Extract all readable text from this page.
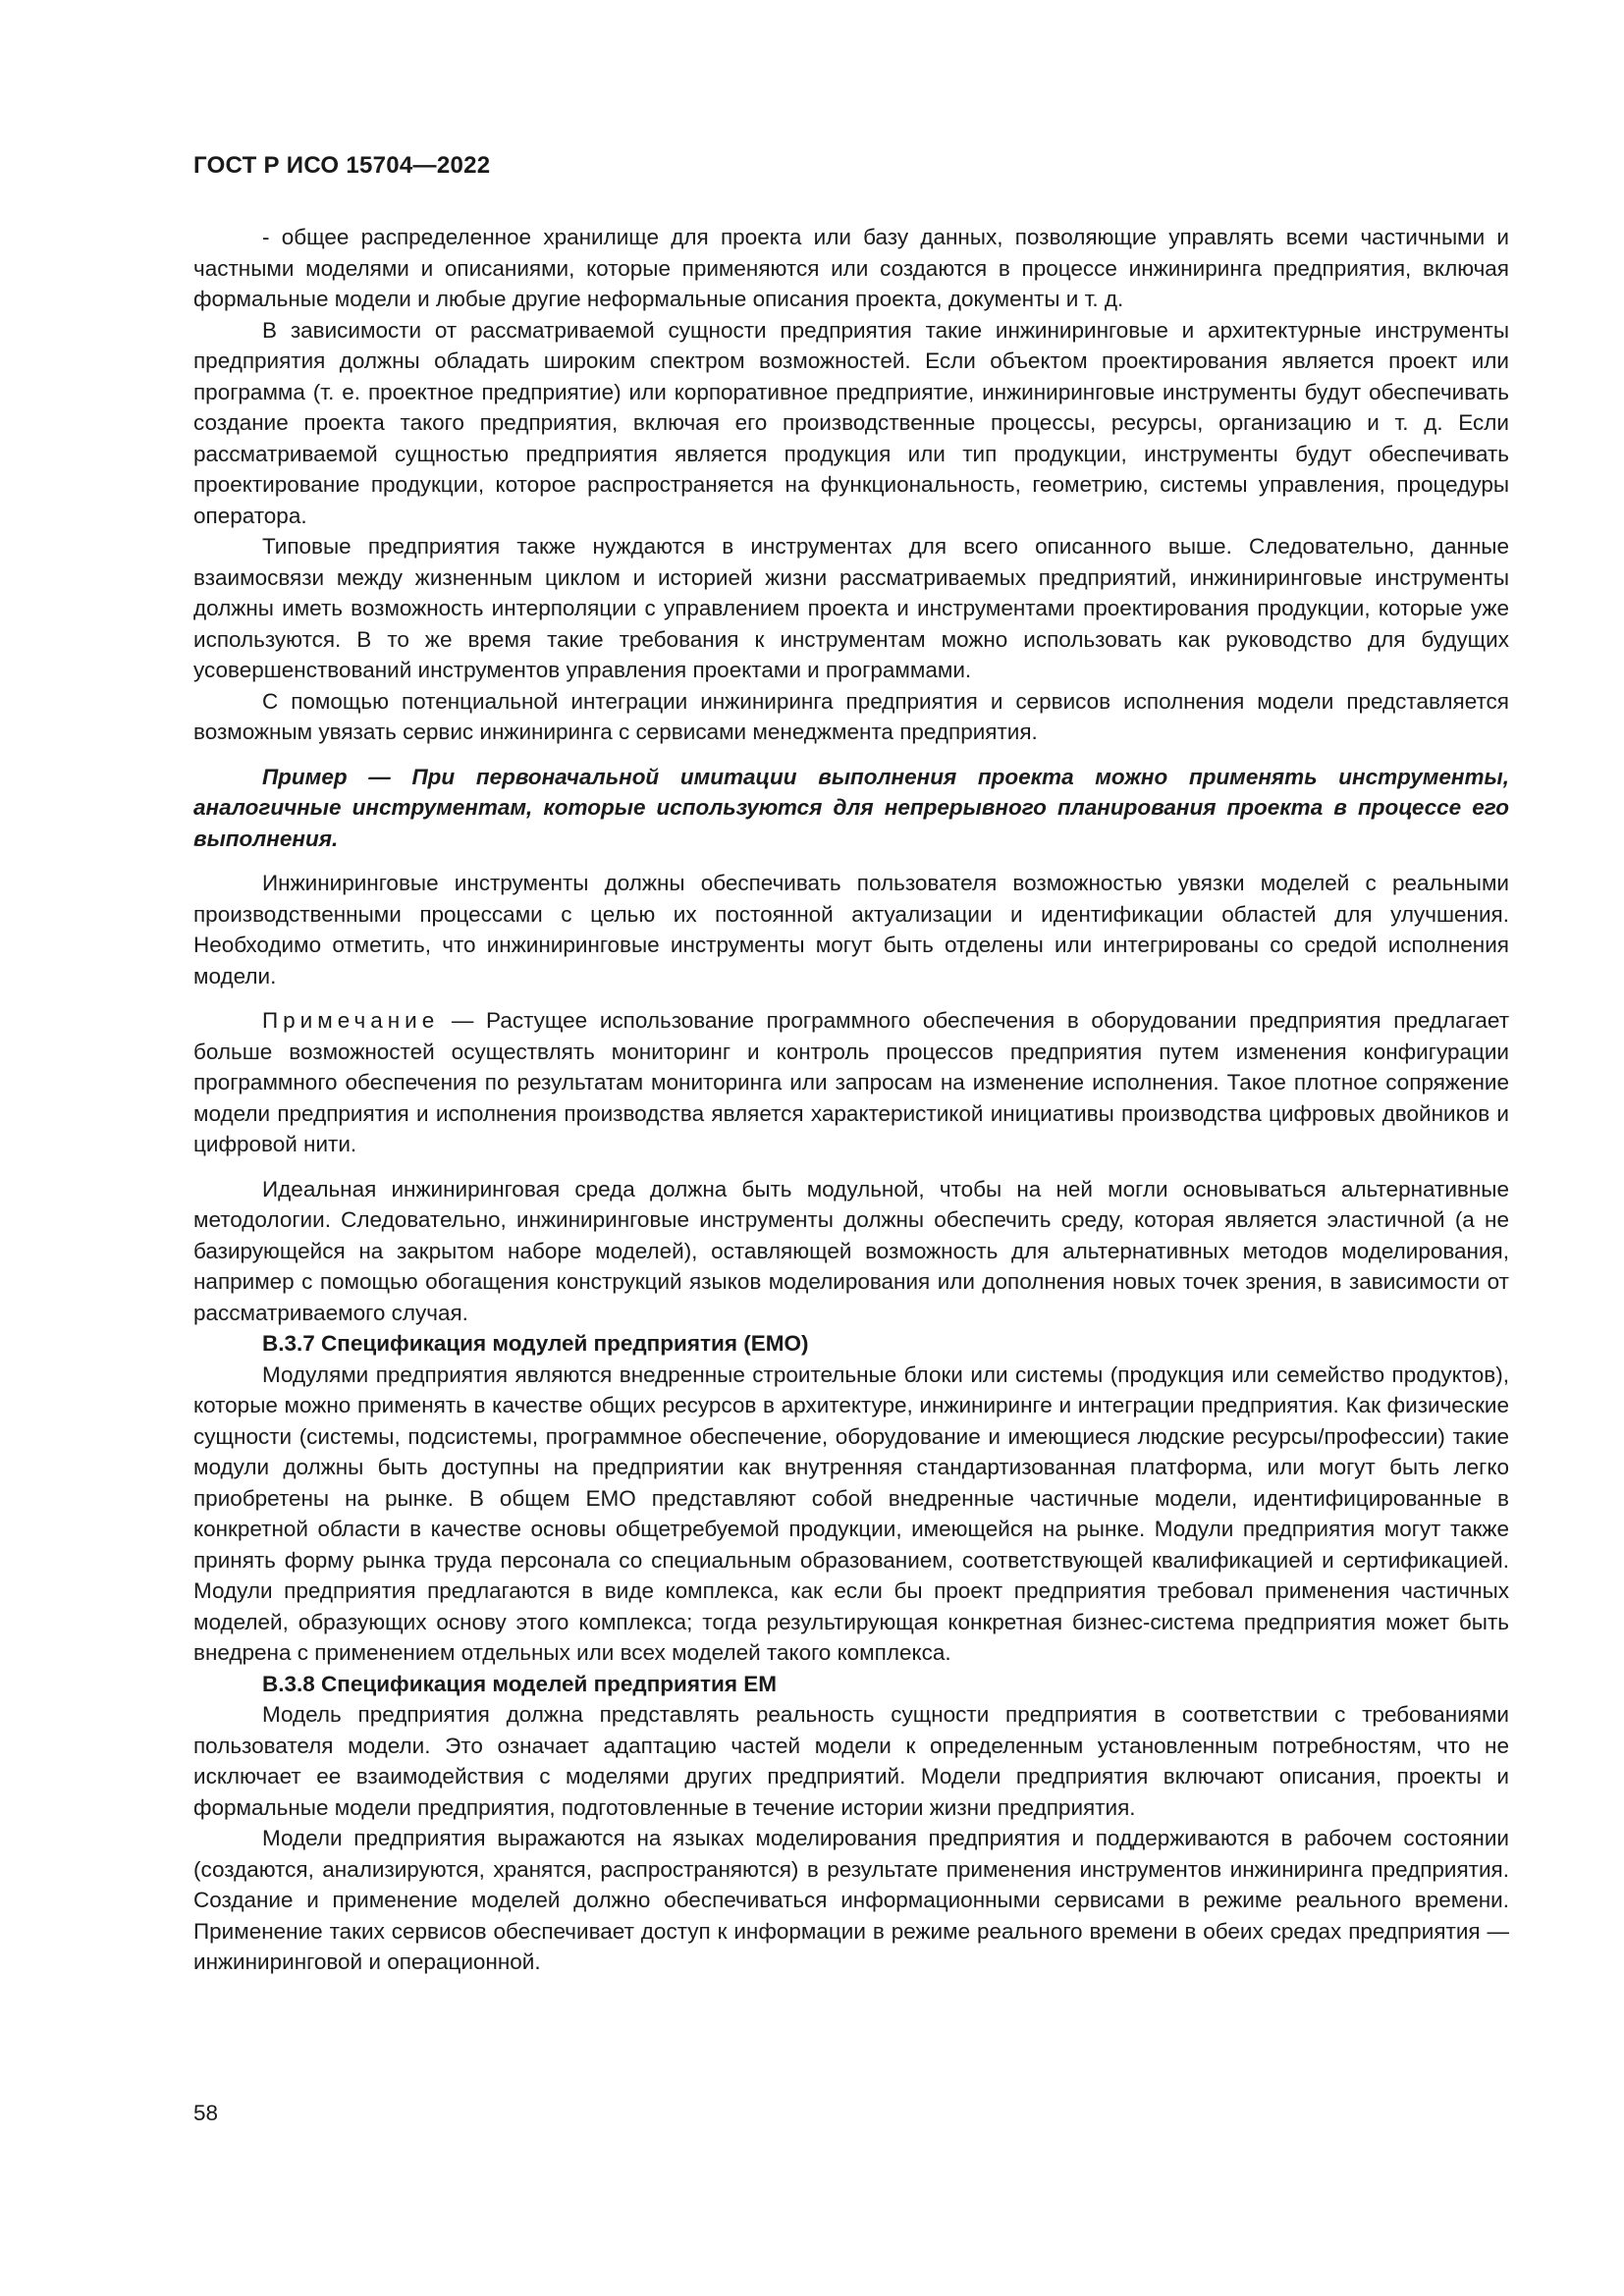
ГОСТ Р ИСО 15704—2022

- общее распределенное хранилище для проекта или базу данных, позволяющие управлять всеми частичными и частными моделями и описаниями, которые применяются или создаются в процессе инжиниринга предприятия, включая формальные модели и любые другие неформальные описания проекта, документы и т. д.

В зависимости от рассматриваемой сущности предприятия такие инжиниринговые и архитектурные инструменты предприятия должны обладать широким спектром возможностей. Если объектом проектирования является проект или программа (т. е. проектное предприятие) или корпоративное предприятие, инжиниринговые инструменты будут обеспечивать создание проекта такого предприятия, включая его производственные процессы, ресурсы, организацию и т. д. Если рассматриваемой сущностью предприятия является продукция или тип продукции, инструменты будут обеспечивать проектирование продукции, которое распространяется на функциональность, геометрию, системы управления, процедуры оператора.

Типовые предприятия также нуждаются в инструментах для всего описанного выше. Следовательно, данные взаимосвязи между жизненным циклом и историей жизни рассматриваемых предприятий, инжиниринговые инструменты должны иметь возможность интерполяции с управлением проекта и инструментами проектирования продукции, которые уже используются. В то же время такие требования к инструментам можно использовать как руководство для будущих усовершенствований инструментов управления проектами и программами.

С помощью потенциальной интеграции инжиниринга предприятия и сервисов исполнения модели представляется возможным увязать сервис инжиниринга с сервисами менеджмента предприятия.

Пример — При первоначальной имитации выполнения проекта можно применять инструменты, аналогичные инструментам, которые используются для непрерывного планирования проекта в процессе его выполнения.

Инжиниринговые инструменты должны обеспечивать пользователя возможностью увязки моделей с реальными производственными процессами с целью их постоянной актуализации и идентификации областей для улучшения. Необходимо отметить, что инжиниринговые инструменты могут быть отделены или интегрированы со средой исполнения модели.

Примечание — Растущее использование программного обеспечения в оборудовании предприятия предлагает больше возможностей осуществлять мониторинг и контроль процессов предприятия путем изменения конфигурации программного обеспечения по результатам мониторинга или запросам на изменение исполнения. Такое плотное сопряжение модели предприятия и исполнения производства является характеристикой инициативы производства цифровых двойников и цифровой нити.

Идеальная инжиниринговая среда должна быть модульной, чтобы на ней могли основываться альтернативные методологии. Следовательно, инжиниринговые инструменты должны обеспечить среду, которая является эластичной (а не базирующейся на закрытом наборе моделей), оставляющей возможность для альтернативных методов моделирования, например с помощью обогащения конструкций языков моделирования или дополнения новых точек зрения, в зависимости от рассматриваемого случая.

В.3.7 Спецификация модулей предприятия (ЕМО)

Модулями предприятия являются внедренные строительные блоки или системы (продукция или семейство продуктов), которые можно применять в качестве общих ресурсов в архитектуре, инжиниринге и интеграции предприятия. Как физические сущности (системы, подсистемы, программное обеспечение, оборудование и имеющиеся людские ресурсы/профессии) такие модули должны быть доступны на предприятии как внутренняя стандартизованная платформа, или могут быть легко приобретены на рынке. В общем ЕМО представляют собой внедренные частичные модели, идентифицированные в конкретной области в качестве основы общетребуемой продукции, имеющейся на рынке. Модули предприятия могут также принять форму рынка труда персонала со специальным образованием, соответствующей квалификацией и сертификацией. Модули предприятия предлагаются в виде комплекса, как если бы проект предприятия требовал применения частичных моделей, образующих основу этого комплекса; тогда результирующая конкретная бизнес-система предприятия может быть внедрена с применением отдельных или всех моделей такого комплекса.

В.3.8 Спецификация моделей предприятия ЕМ

Модель предприятия должна представлять реальность сущности предприятия в соответствии с требованиями пользователя модели. Это означает адаптацию частей модели к определенным установленным потребностям, что не исключает ее взаимодействия с моделями других предприятий. Модели предприятия включают описания, проекты и формальные модели предприятия, подготовленные в течение истории жизни предприятия.

Модели предприятия выражаются на языках моделирования предприятия и поддерживаются в рабочем состоянии (создаются, анализируются, хранятся, распространяются) в результате применения инструментов инжиниринга предприятия. Создание и применение моделей должно обеспечиваться информационными сервисами в режиме реального времени. Применение таких сервисов обеспечивает доступ к информации в режиме реального времени в обеих средах предприятия — инжиниринговой и операционной.

58
